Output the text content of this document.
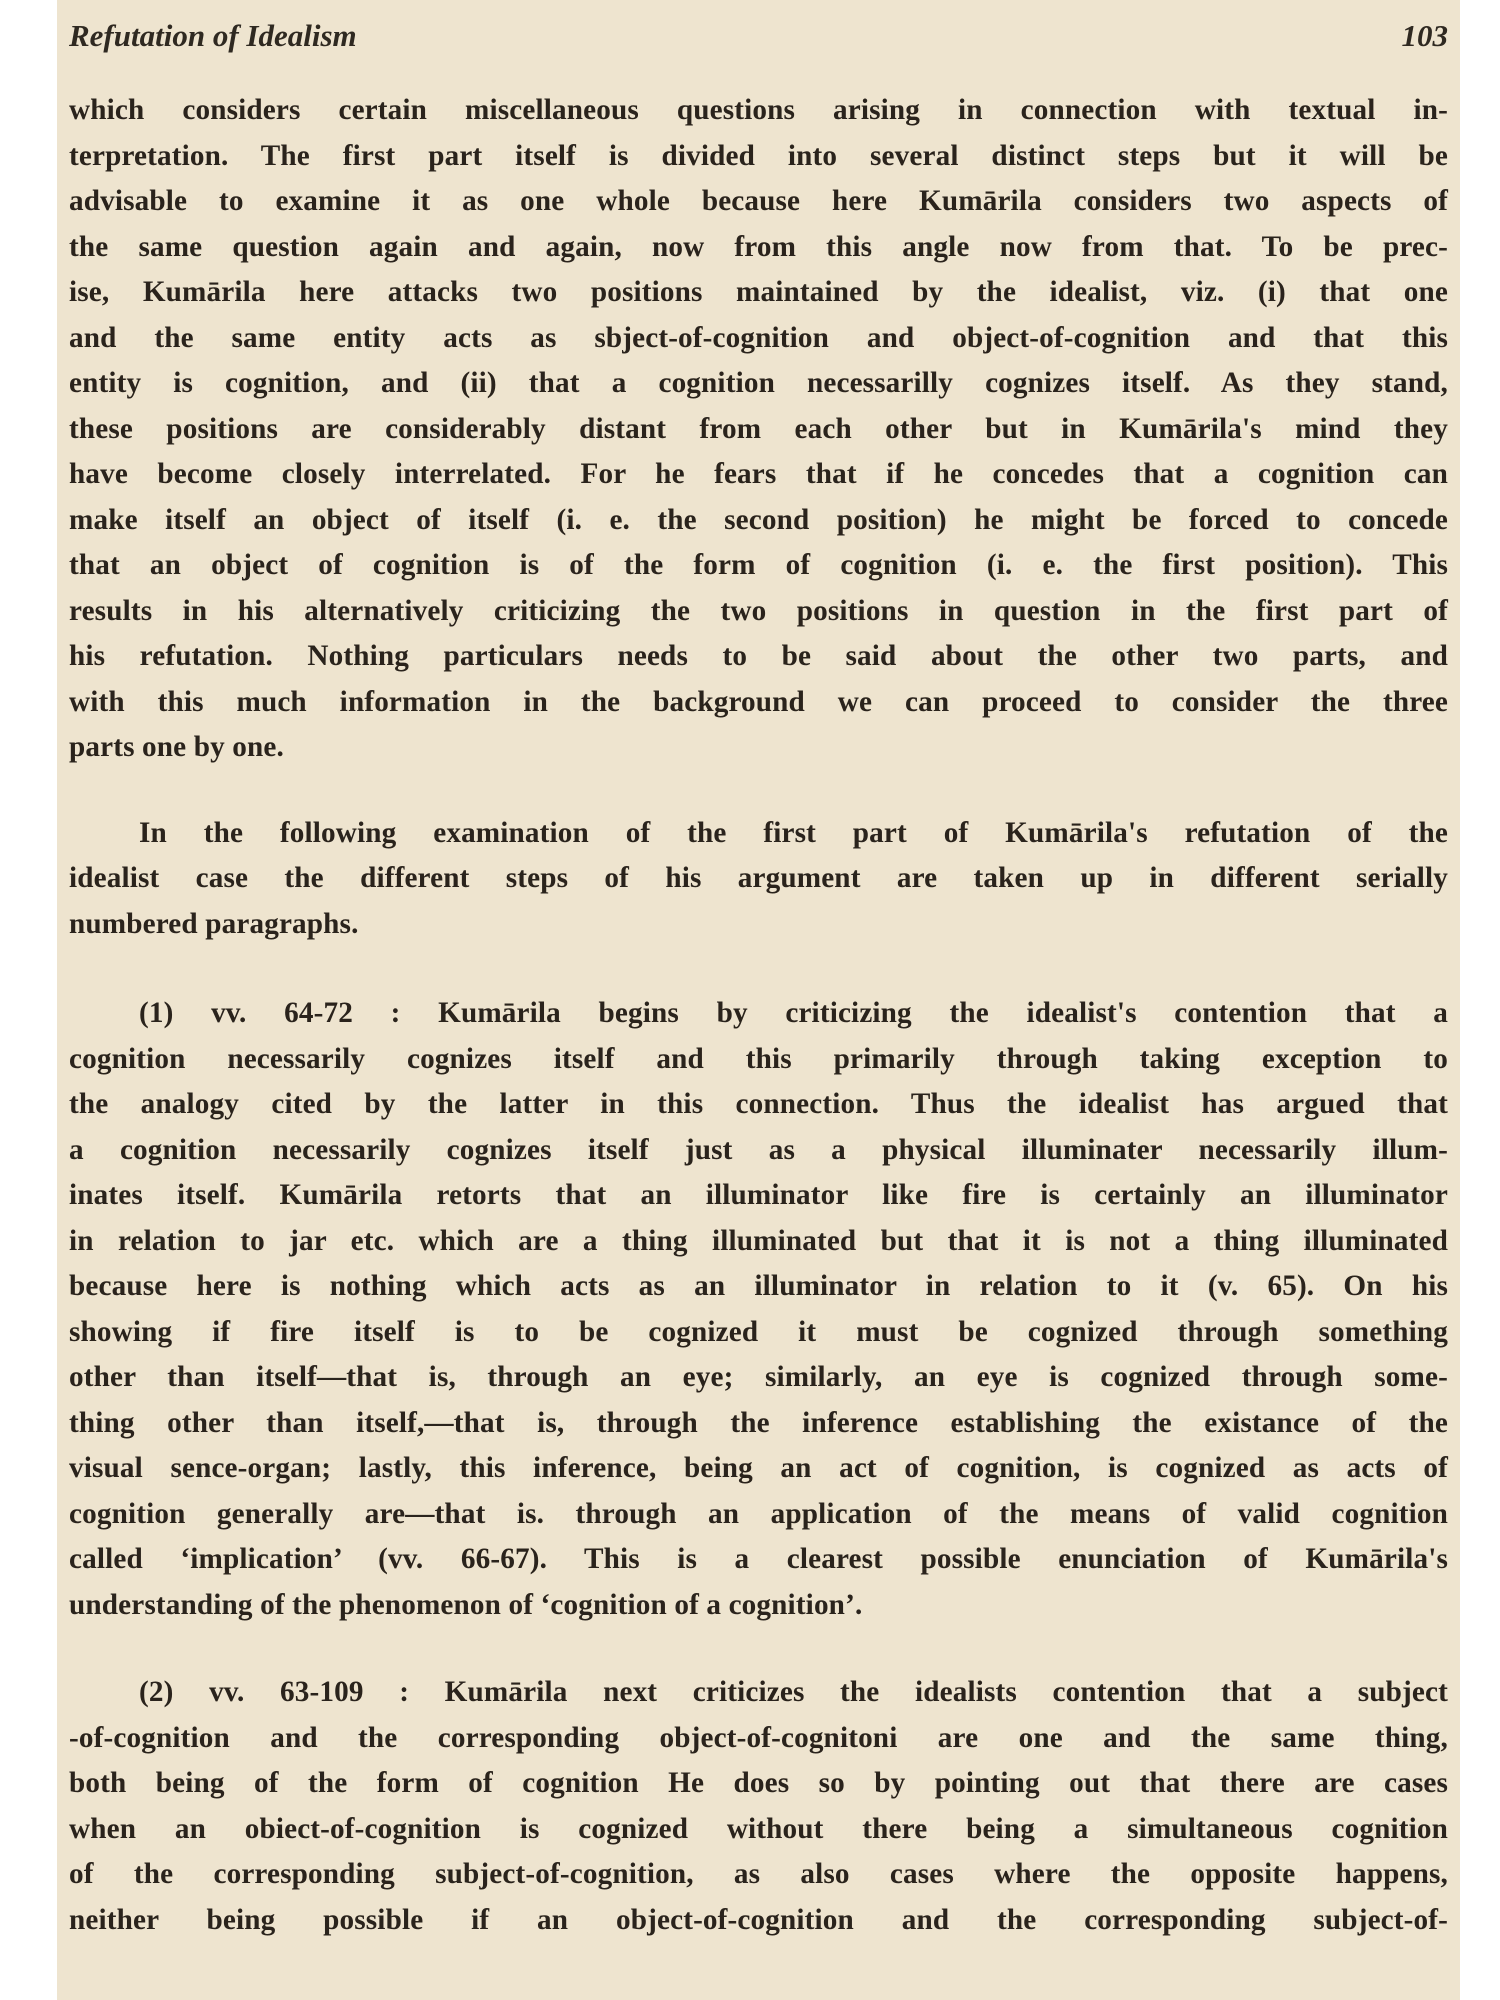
Refutation of Idealism	103
which considers certain miscellaneous questions arising in connection with textual in-
terpretation. The first part itself is divided into several distinct steps but it will be
advisable to examine it as one whole because here Kumārila considers two aspects of
the same question again and again, now from this angle now from that. To be prec-
ise, Kumārila here attacks two positions maintained by the idealist, viz. (i) that one
and the same entity acts as sbject-of-cognition and object-of-cognition and that this
entity is cognition, and (ii) that a cognition necessarilly cognizes itself. As they stand,
these positions are considerably distant from each other but in Kumārila's mind they
have become closely interrelated. For he fears that if he concedes that a cognition can
make itself an object of itself (i. e. the second position) he might be forced to concede
that an object of cognition is of the form of cognition (i. e. the first position). This
results in his alternatively criticizing the two positions in question in the first part of
his refutation. Nothing particulars needs to be said about the other two parts, and
with this much information in the background we can proceed to consider the three
parts one by one.
In the following examination of the first part of Kumārila's refutation of the
idealist case the different steps of his argument are taken up in different serially
numbered paragraphs.
(1) vv. 64-72 : Kumārila begins by criticizing the idealist's contention that a
cognition necessarily cognizes itself and this primarily through taking exception to
the analogy cited by the latter in this connection. Thus the idealist has argued that
a cognition necessarily cognizes itself just as a physical illuminater necessarily illum-
inates itself. Kumārila retorts that an illuminator like fire is certainly an illuminator
in relation to jar etc. which are a thing illuminated but that it is not a thing illuminated
because here is nothing which acts as an illuminator in relation to it (v. 65). On his
showing if fire itself is to be cognized it must be cognized through something
other than itself—that is, through an eye; similarly, an eye is cognized through some-
thing other than itself,—that is, through the inference establishing the existance of the
visual sence-organ; lastly, this inference, being an act of cognition, is cognized as acts of
cognition generally are—that is. through an application of the means of valid cognition
called ‘implication’ (vv. 66-67). This is a clearest possible enunciation of Kumārila's
understanding of the phenomenon of ‘cognition of a cognition’.
(2) vv. 63-109 : Kumārila next criticizes the idealists contention that a subject
-of-cognition and the corresponding object-of-cognitoni are one and the same thing,
both being of the form of cognition He does so by pointing out that there are cases
when an obiect-of-cognition is cognized without there being a simultaneous cognition
of the corresponding subject-of-cognition, as also cases where the opposite happens,
neither being possible if an object-of-cognition and the corresponding subject-of-
